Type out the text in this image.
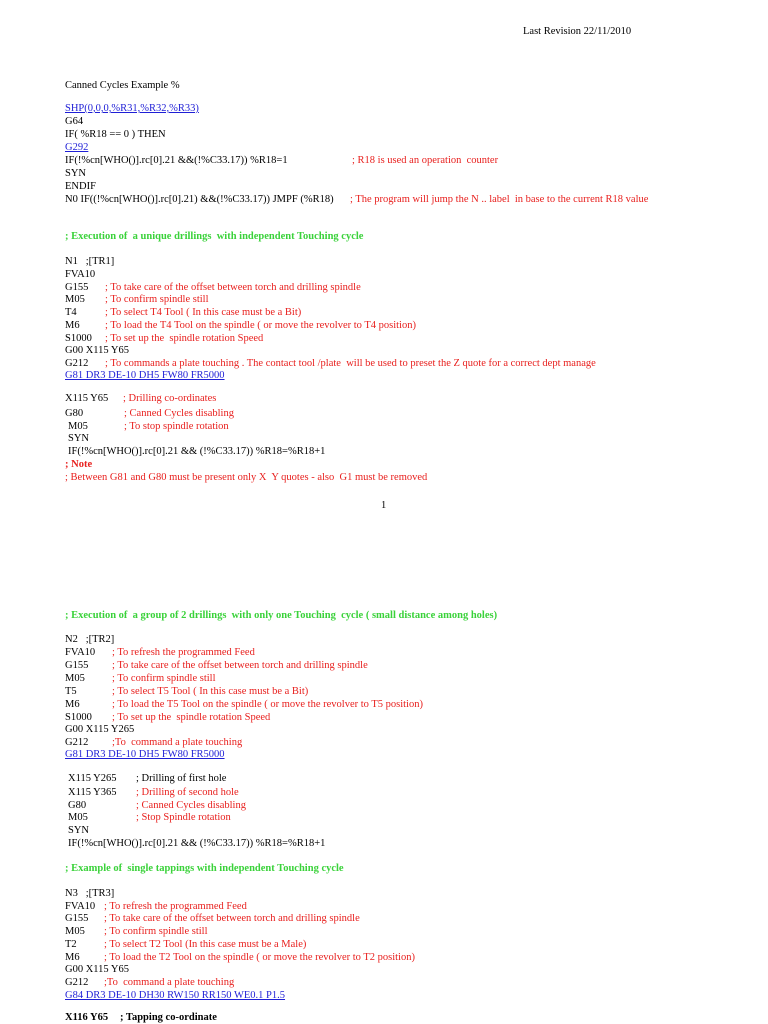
Last Revision 22/11/2010
Canned Cycles Example %
SHP(0,0,0,%R31,%R32,%R33)
G64
IF( %R18 == 0 ) THEN
G292
IF(!%cn[WHO()].rc[0].21 &&(!%C33.17)) %R18=1	; R18 is used an operation  counter
SYN
ENDIF
N0 IF((!%cn[WHO()].rc[0].21) &&(!%C33.17)) JMPF (%R18) ; The program will jump the N .. label  in base to the current R18 value
; Execution of  a unique drillings  with independent Touching cycle
N1   ;[TR1]
FVA10
G155 ; To take care of the offset between torch and drilling spindle
M05 ; To confirm spindle still
T4	; To select T4 Tool ( In this case must be a Bit)
M6 ; To load the T4 Tool on the spindle ( or move the revolver to T4 position)
S1000 ; To set up the  spindle rotation Speed
G00 X115 Y65
G212 ; To commands a plate touching . The contact tool /plate  will be used to preset the Z quote for a correct dept manage
G81 DR3 DE-10 DH5 FW80 FR5000
X115 Y65 ; Drilling co-ordinates
G80	; Canned Cycles disabling
M05	; To stop spindle rotation
SYN
IF(!%cn[WHO()].rc[0].21 && (!%C33.17)) %R18=%R18+1
; Note
; Between G81 and G80 must be present only X  Y quotes - also  G1 must be removed
1
; Execution of  a group of 2 drillings  with only one Touching  cycle ( small distance among holes)
N2   ;[TR2]
FVA10 ; To refresh the programmed Feed
G155 ; To take care of the offset between torch and drilling spindle
M05	; To confirm spindle still
T5	; To select T5 Tool ( In this case must be a Bit)
M6	; To load the T5 Tool on the spindle ( or move the revolver to T5 position)
S1000 ; To set up the  spindle rotation Speed
G00 X115 Y265
G212 ;To  command a plate touching
G81 DR3 DE-10 DH5 FW80 FR5000
X115 Y265 ; Drilling of first hole
X115 Y365 ; Drilling of second hole
G80	; Canned Cycles disabling
M05	; Stop Spindle rotation
SYN
IF(!%cn[WHO()].rc[0].21 && (!%C33.17)) %R18=%R18+1
; Example of  single tappings with independent Touching cycle
N3   ;[TR3]
FVA10 ; To refresh the programmed Feed
G155 ; To take care of the offset between torch and drilling spindle
M05 ; To confirm spindle still
T2	; To select T2 Tool (In this case must be a Male)
M6 ; To load the T2 Tool on the spindle ( or move the revolver to T2 position)
G00 X115 Y65
G212 ;To  command a plate touching
G84 DR3 DE-10 DH30 RW150 RR150 WE0.1 P1.5
X116 Y65 ; Tapping co-ordinate
